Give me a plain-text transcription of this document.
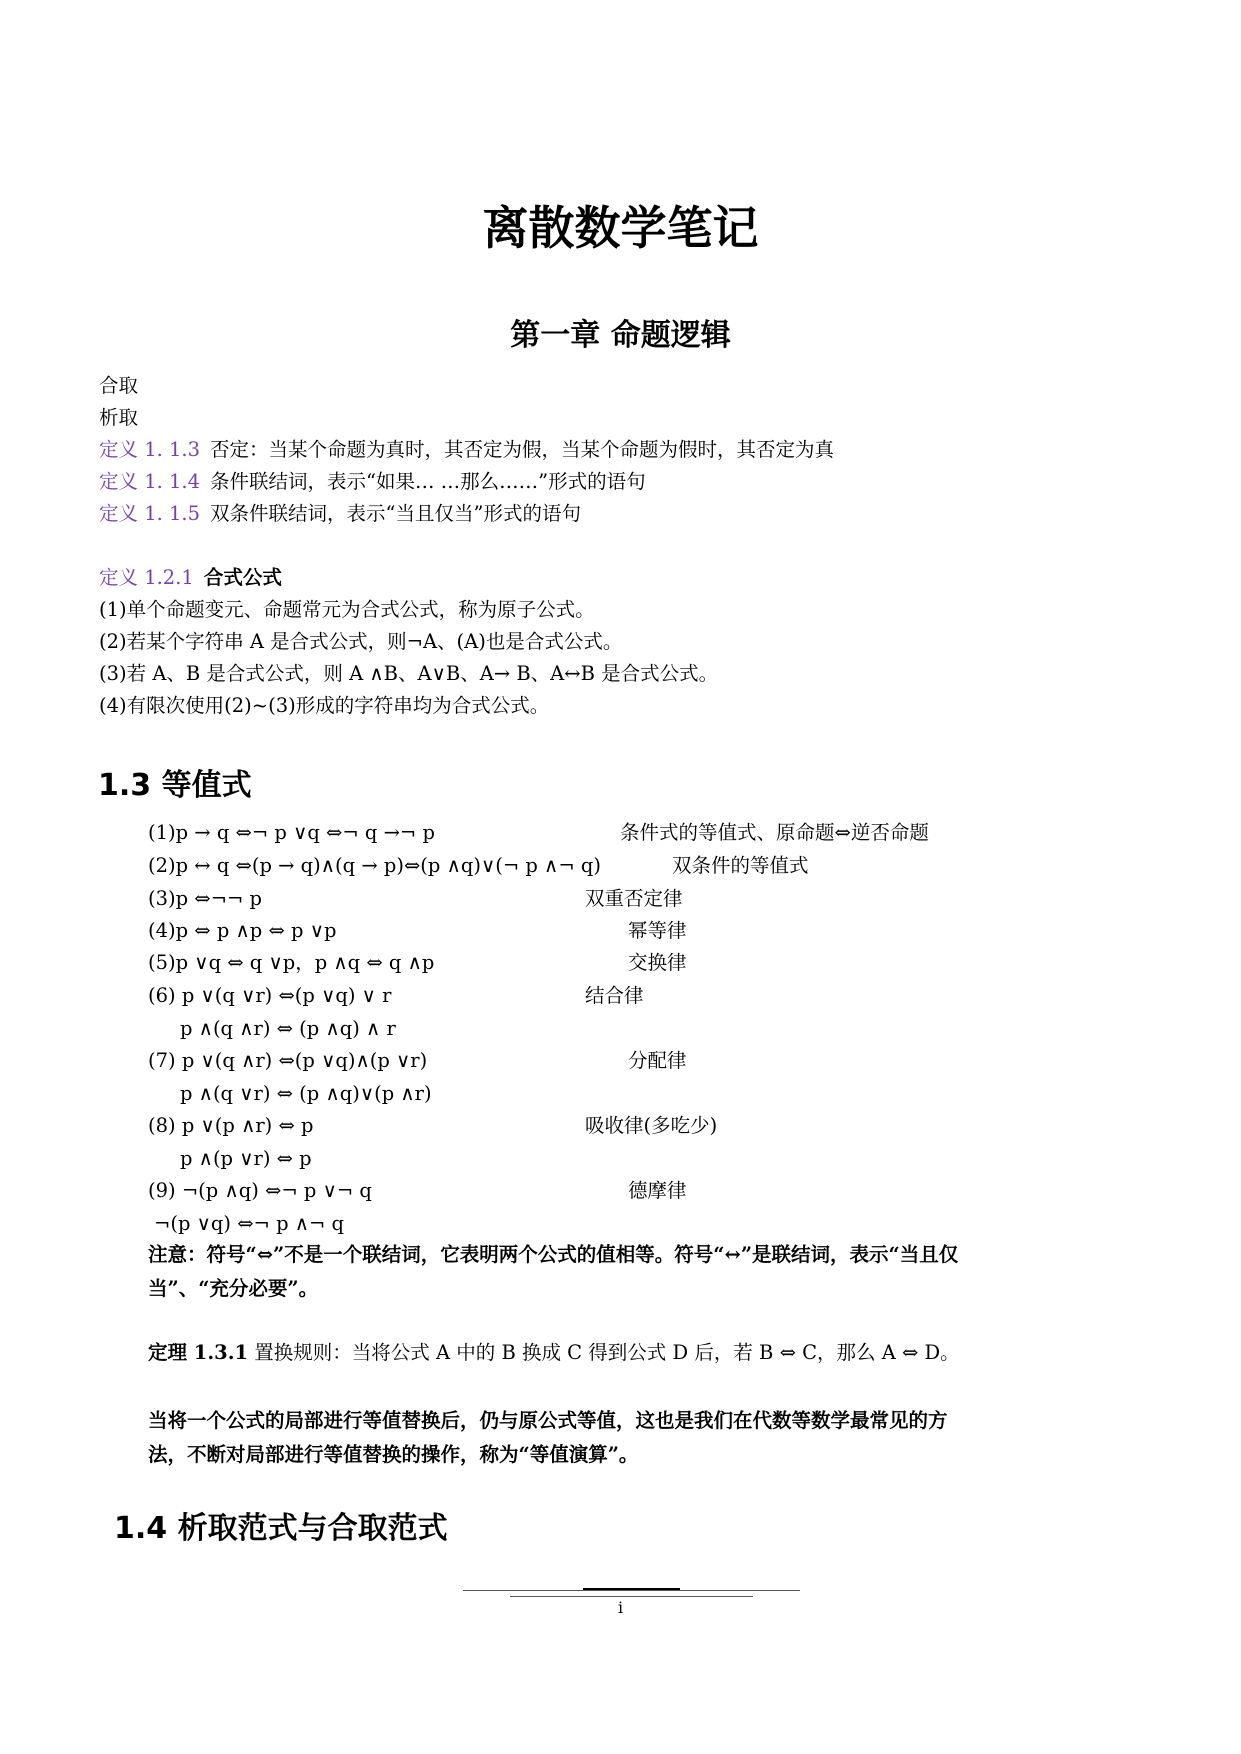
离散数学笔记
第一章 命题逻辑
合取
析取
定义 1. 1.3 否定：当某个命题为真时，其否定为假，当某个命题为假时，其否定为真
定义 1. 1.4 条件联结词，表示“如果… …那么……”形式的语句
定义 1. 1.5 双条件联结词，表示“当且仅当”形式的语句
定义 1.2.1 合式公式
(1)单个命题变元、命题常元为合式公式，称为原子公式。
(2)若某个字符串 A 是合式公式，则¬A、(A)也是合式公式。
(3)若 A、B 是合式公式，则 A ∧B、A∨B、A→ B、A↔B 是合式公式。
(4)有限次使用(2)~(3)形成的字符串均为合式公式。
1.3 等值式
(1)p → q ⇔¬ p ∨q ⇔¬ q →¬ p	条件式的等值式、原命题⇔逆否命题
(2)p ↔ q ⇔(p → q)∧(q → p)⇔(p ∧q)∨(¬ p ∧¬ q)	双条件的等值式
(3)p ⇔¬¬ p	双重否定律
(4)p ⇔ p ∧p ⇔ p ∨p	幂等律
(5)p ∨q ⇔ q ∨p，p ∧q ⇔ q ∧p	交换律
(6) p ∨(q ∨r) ⇔(p ∨q) ∨ r	结合律
p ∧(q ∧r) ⇔ (p ∧q) ∧ r
(7) p ∨(q ∧r) ⇔(p ∨q)∧(p ∨r)	分配律
p ∧(q ∨r) ⇔ (p ∧q)∨(p ∧r)
(8) p ∨(p ∧r) ⇔ p	吸收律(多吃少)
p ∧(p ∨r) ⇔ p
(9) ¬(p ∧q) ⇔¬ p ∨¬ q	德摩律
¬(p ∨q) ⇔¬ p ∧¬ q
注意：符号“⇔”不是一个联结词，它表明两个公式的值相等。符号“↔”是联结词，表示“当且仅当”、“充分必要”。
定理 1.3.1 置换规则：当将公式 A 中的 B 换成 C 得到公式 D 后，若 B ⇔ C，那么 A ⇔ D。
当将一个公式的局部进行等值替换后，仍与原公式等值，这也是我们在代数等数学最常见的方法，不断对局部进行等值替换的操作，称为“等值演算”。
1.4 析取范式与合取范式
i
